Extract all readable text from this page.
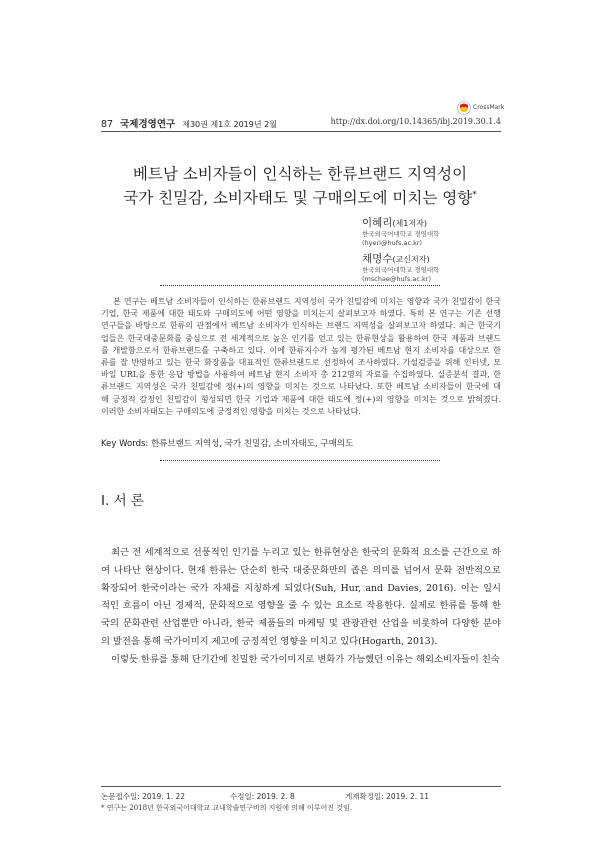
CrossMark
87 국제경영연구 제30권 제1호 2019년 2월	http://dx.doi.org/10.14365/ibj.2019.30.1.4
베트남 소비자들이 인식하는 한류브랜드 지역성이
국가 친밀감, 소비자태도 및 구매의도에 미치는 영향*
이혜리(제1저자)
한국외국어대학교 경영대학
(hyeri@hufs.ac.kr)
채명수(교신저자)
한국외국어대학교 경영대학
(mschae@hufs.ac.kr)
본 연구는 베트남 소비자들이 인식하는 한류브랜드 지역성이 국가 친밀감에 미치는 영향과 국가 친밀감이 한국
기업, 한국 제품에 대한 태도와 구매의도에 어떤 영향을 미치는지 살펴보고자 하였다. 특히 본 연구는 기존 선행
연구들을 바탕으로 한류의 관점에서 베트남 소비자가 인식하는 브랜드 지역성을 살펴보고자 하였다. 최근 한국기
업들은 한국대중문화를 중심으로 전 세계적으로 높은 인기를 얻고 있는 한류현상을 활용하여 한국 제품과 브랜드
를 개발함으로서 한류브랜드를 구축하고 있다. 이에 한류지수가 높게 평가된 베트남 현지 소비자를 대상으로 한
류를 잘 반영하고 있는 한국 화장품을 대표적인 한류브랜드로 선정하여 조사하였다. 가설검증을 위해 인터넷, 모
바일 URL을 통한 응답 방법을 사용하여 베트남 현지 소비자 총 212명의 자료를 수집하였다. 실증분석 결과, 한
류브랜드 지역성은 국가 친밀감에 정(+)의 영향을 미치는 것으로 나타났다. 또한 베트남 소비자들이 한국에 대
해 긍정적 감정인 친밀감이 형성되면 한국 기업과 제품에 대한 태도에 정(+)의 영향을 미치는 것으로 밝혀졌다.
이러한 소비자태도는 구매의도에 긍정적인 영향을 미치는 것으로 나타났다.
Key Words: 한류브랜드 지역성, 국가 친밀감, 소비자태도, 구매의도
Ⅰ. 서 론
최근 전 세계적으로 선풍적인 인기를 누리고 있는 한류현상은 한국의 문화적 요소를 근간으로 하
여 나타난 현상이다. 현재 한류는 단순히 한국 대중문화만의 좁은 의미를 넘어서 문화 전반적으로
확장되어 한국이라는 국가 자체를 지칭하게 되었다(Suh, Hur, and Davies, 2016). 이는 일시
적인 흐름이 아닌 경제적, 문화적으로 영향을 줄 수 있는 요소로 작용한다. 실제로 한류를 통해 한
국의 문화관련 산업뿐만 아니라, 한국 제품들의 마케팅 및 관광관련 산업을 비롯하여 다양한 분야
의 발전을 통해 국가이미지 제고에 긍정적인 영향을 미치고 있다(Hogarth, 2013).
이렇듯 한류를 통해 단기간에 친밀한 국가이미지로 변화가 가능했던 이유는 해외소비자들이 친숙
논문접수일: 2019. 1. 22	수정일: 2019. 2. 8	게재확정일: 2019. 2. 11
* 연구는 2018년 한국외국어대학교 교내학술연구비의 지원에 의해 이루어진 것임.
